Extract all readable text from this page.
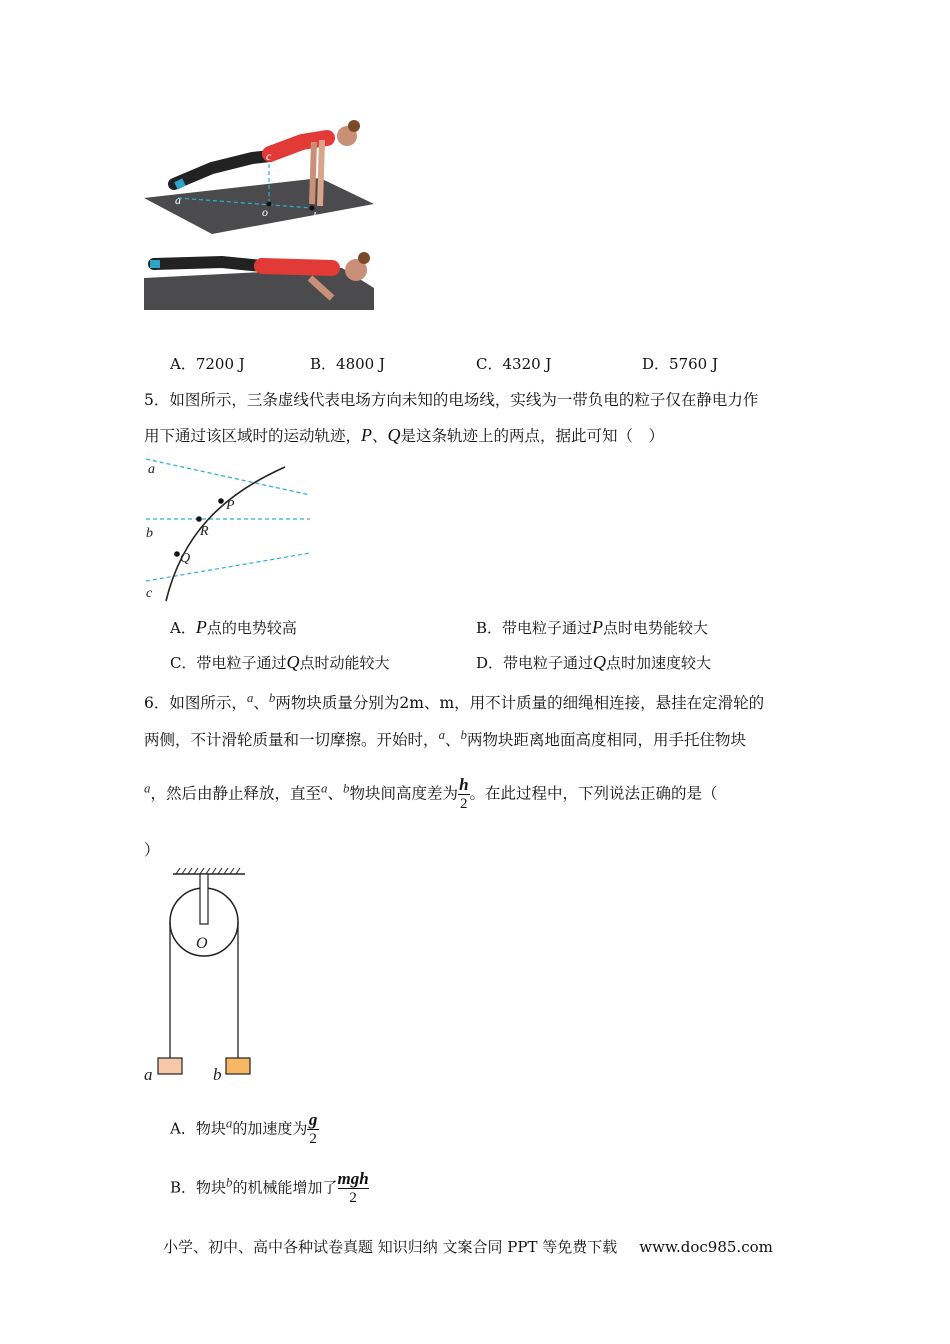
a
c
o	b
A．7200 J	B．4800 J	C．4320 J	D．5760 J
5．如图所示，三条虚线代表电场方向未知的电场线，实线为一带负电的粒子仅在静电力作
用下通过该区域时的运动轨迹，P、Q是这条轨迹上的两点，据此可知（　）
a
b
c
P
R
Q
A．P点的电势较高	B．带电粒子通过P点时电势能较大
C．带电粒子通过Q点时动能较大	D．带电粒子通过Q点时加速度较大
6．如图所示，$^a$、$^b$两物块质量分别为2m、m，用不计质量的细绳相连接，悬挂在定滑轮的
两侧，不计滑轮质量和一切摩擦。开始时，$^a$、$^b$两物块距离地面高度相同，用手托住物块
$^a$，然后由静止释放，直至$^a$、$^b$物块间高度差为 $\frac{h}{2}$ 。在此过程中，下列说法正确的是（
）
O
a	b
A．物块a的加速度为 $\frac{g}{2}$
B．物块b的机械能增加了 $\frac{\text{mgh}}{2}$
小学、初中、高中各种试卷真题 知识归纳 文案合同 PPT 等免费下载 www.doc985.com
